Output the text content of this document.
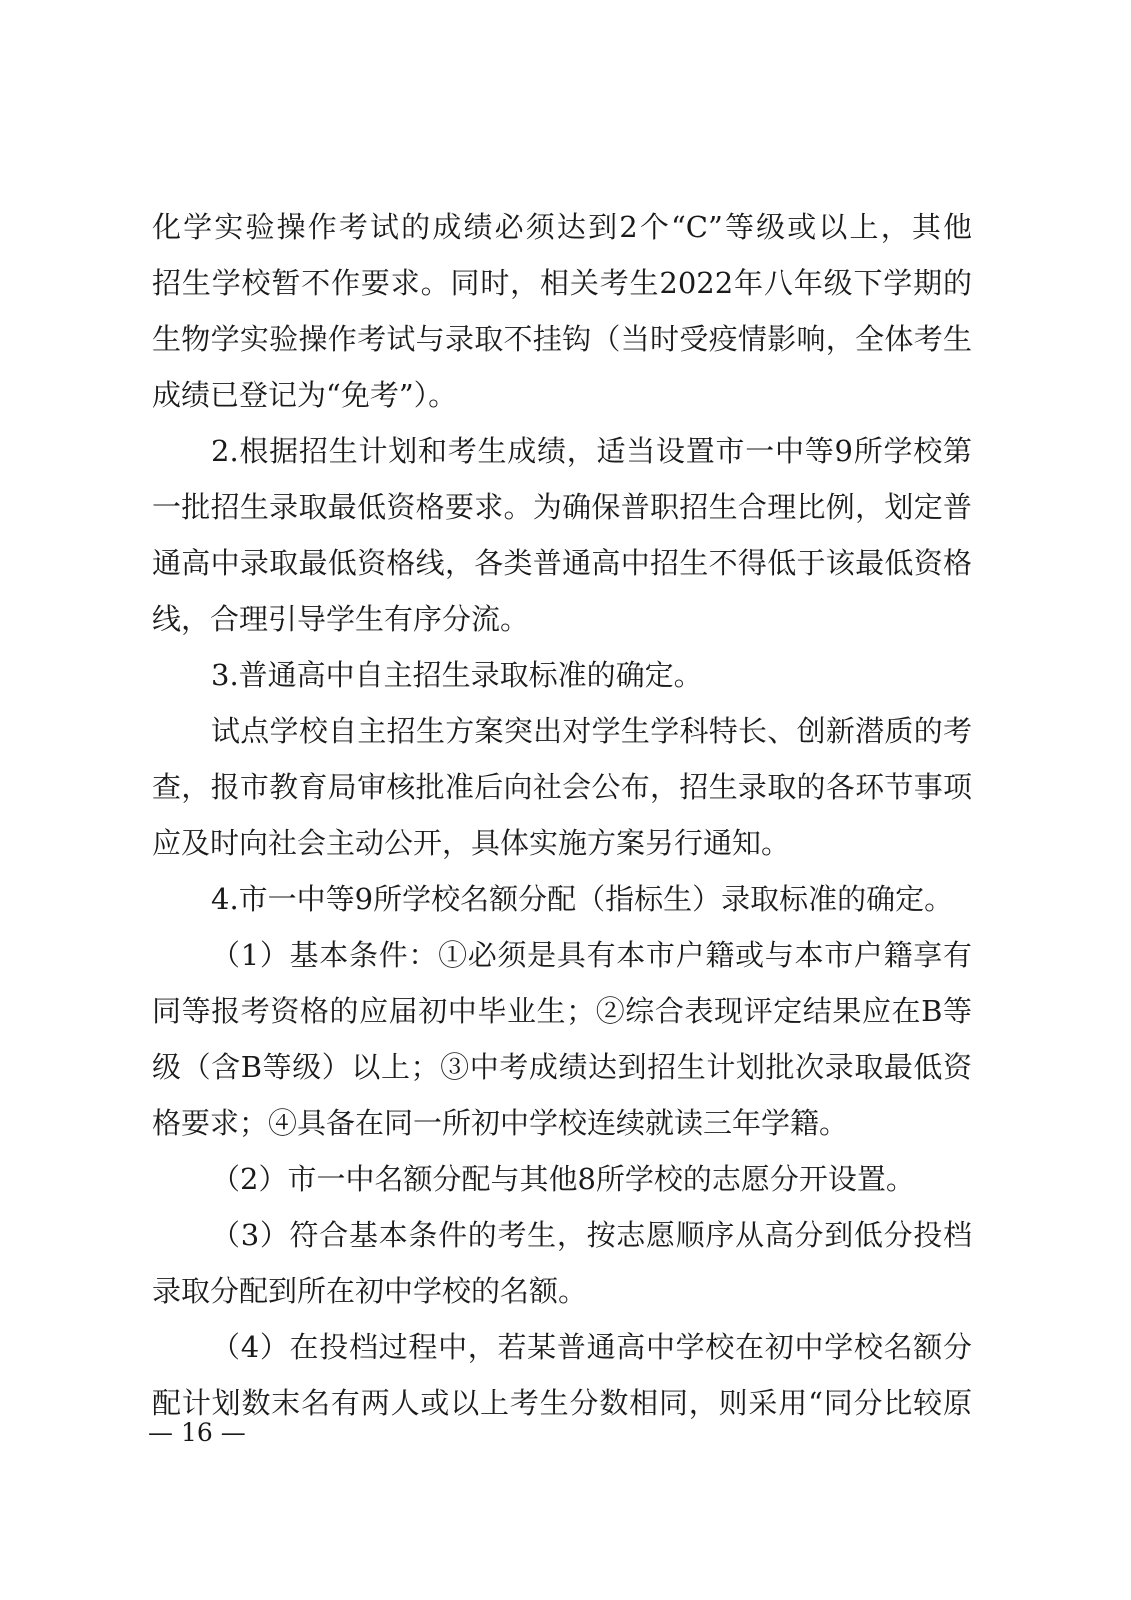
化学实验操作考试的成绩必须达到2个“C”等级或以上，其他
招生学校暂不作要求。同时，相关考生2022年八年级下学期的
生物学实验操作考试与录取不挂钩（当时受疫情影响，全体考生
成绩已登记为“免考”）。
2.根据招生计划和考生成绩，适当设置市一中等9所学校第
一批招生录取最低资格要求。为确保普职招生合理比例，划定普
通高中录取最低资格线，各类普通高中招生不得低于该最低资格
线，合理引导学生有序分流。
3.普通高中自主招生录取标准的确定。
试点学校自主招生方案突出对学生学科特长、创新潜质的考
查，报市教育局审核批准后向社会公布，招生录取的各环节事项
应及时向社会主动公开，具体实施方案另行通知。
4.市一中等9所学校名额分配（指标生）录取标准的确定。
（1）基本条件：①必须是具有本市户籍或与本市户籍享有
同等报考资格的应届初中毕业生；②综合表现评定结果应在B等
级（含B等级）以上；③中考成绩达到招生计划批次录取最低资
格要求；④具备在同一所初中学校连续就读三年学籍。
（2）市一中名额分配与其他8所学校的志愿分开设置。
（3）符合基本条件的考生，按志愿顺序从高分到低分投档
录取分配到所在初中学校的名额。
（4）在投档过程中，若某普通高中学校在初中学校名额分
配计划数末名有两人或以上考生分数相同，则采用“同分比较原
— 16 —
